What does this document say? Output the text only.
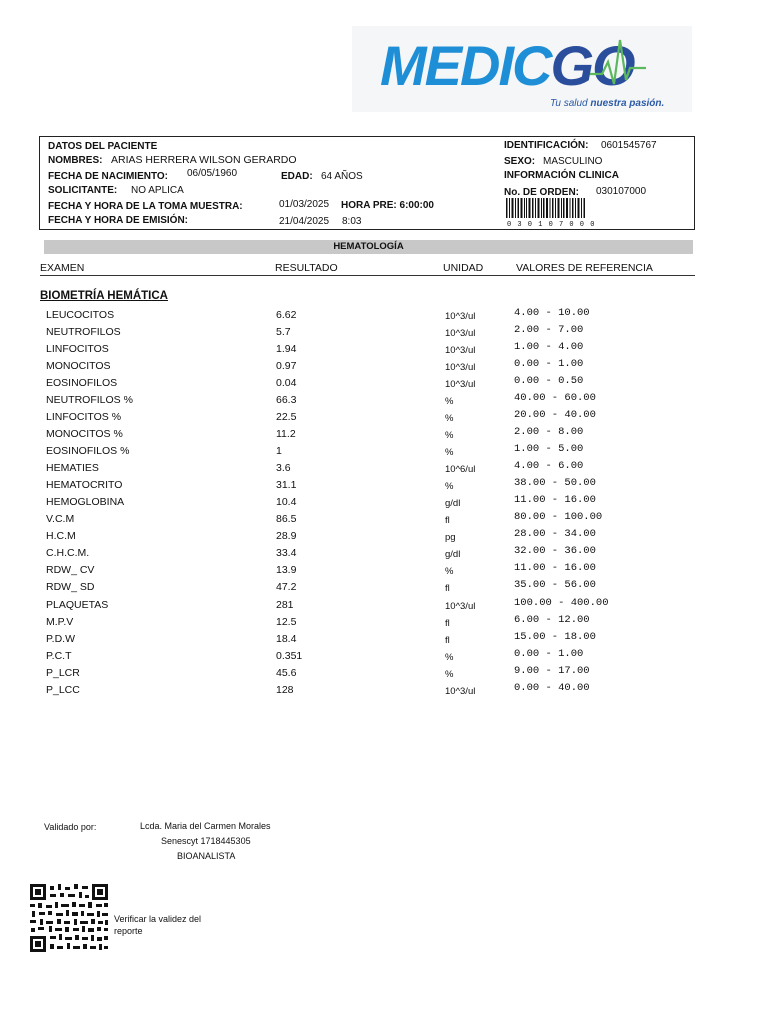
MEDICGO
Tu salud nuestra pasión.
DATOS DEL PACIENTE
NOMBRES: ARIAS HERRERA WILSON GERARDO
FECHA DE NACIMIENTO: 06/05/1960	EDAD: 64 AÑOS
SOLICITANTE: NO APLICA
FECHA Y HORA DE LA TOMA MUESTRA:	01/03/2025 HORA PRE: 6:00:00
FECHA Y HORA DE EMISIÓN:	21/04/2025 8:03
IDENTIFICACIÓN: 0601545767
SEXO: MASCULINO
INFORMACIÓN CLINICA
No. DE ORDEN: 030107000
0 3 0 1 0 7 0 0 0
HEMATOLOGÍA
EXAMEN	RESULTADO	UNIDAD	VALORES DE REFERENCIA
BIOMETRÍA HEMÁTICA
LEUCOCITOS	6.62	10^3/ul	4.00 - 10.00
NEUTROFILOS	5.7	10^3/ul	2.00 - 7.00
LINFOCITOS	1.94	10^3/ul	1.00 - 4.00
MONOCITOS	0.97	10^3/ul	0.00 - 1.00
EOSINOFILOS	0.04	10^3/ul	0.00 - 0.50
NEUTROFILOS %	66.3	%	40.00 - 60.00
LINFOCITOS %	22.5	%	20.00 - 40.00
MONOCITOS %	11.2	%	2.00 - 8.00
EOSINOFILOS %	1	%	1.00 - 5.00
HEMATIES	3.6	10^6/ul	4.00 - 6.00
HEMATOCRITO	31.1	%	38.00 - 50.00
HEMOGLOBINA	10.4	g/dl	11.00 - 16.00
V.C.M	86.5	fl	80.00 - 100.00
H.C.M	28.9	pg	28.00 - 34.00
C.H.C.M.	33.4	g/dl	32.00 - 36.00
RDW_ CV	13.9	%	11.00 - 16.00
RDW_ SD	47.2	fl	35.00 - 56.00
PLAQUETAS	281	10^3/ul	100.00 - 400.00
M.P.V	12.5	fl	6.00 - 12.00
P.D.W	18.4	fl	15.00 - 18.00
P.C.T	0.351	%	0.00 - 1.00
P_LCR	45.6	%	9.00 - 17.00
P_LCC	128	10^3/ul	0.00 - 40.00
Validado por:	Lcda. Maria del Carmen Morales
Senescyt 1718445305
BIOANALISTA
Verificar la validez del
reporte
